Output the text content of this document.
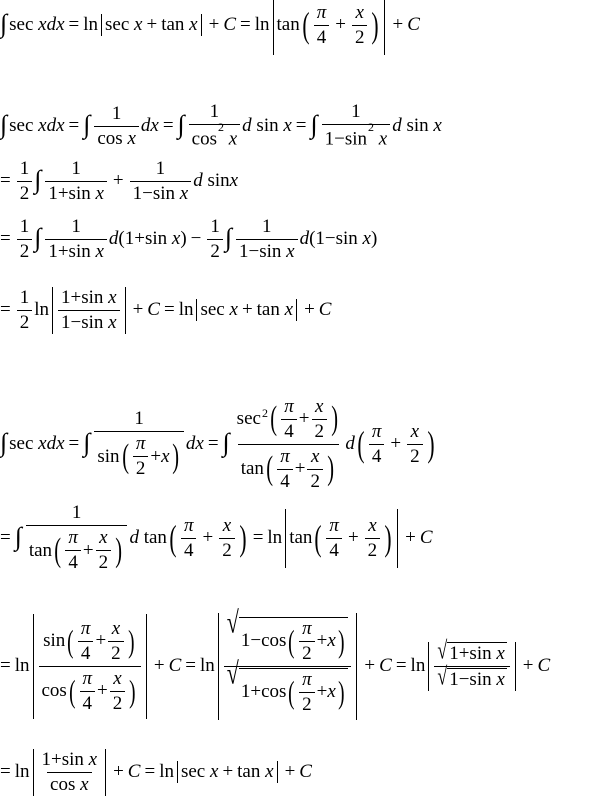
∫ sec
xdx = ln sec
x + tan
x + C = ln tan ( $\frac{\pi}{4} + \frac{x}{2}$ ) + C
∫ sec
xdx = ∫ $\frac{1}{\text{cos x}}$ dx = ∫ $\frac{1}{\cos^2 x}$ d
sin
x = ∫ $\frac{1}{1-\sin^2 x}$ d
sin
x
= $\frac{1}{2}$ ∫ $\frac{1}{\text{1+sin x}} + \frac{1}{\text{1−sin x}}$ d
sin x
= $\frac{1}{2}$ ∫ $\frac{1}{\text{1+sin x}}$ d (1+sin $x) - \frac{1}{2}$ ∫ $\frac{1}{\text{1−sin x}}$ d (1−sin x)
= $\frac{1}{2}$ $\ln \frac{\text{1+sin x}}{\text{1−sin x}} + C = \ln \sec$
x + tan
x + C
∫ sec
xdx = ∫ $\frac{1}{\sin ( \frac{\pi}{2} + x )}$ dx = ∫ $\frac{\sec 2 ( \frac{\pi}{4} + \frac{x}{2} )}{\tan ( \frac{\pi}{4} + \frac{x}{2} )}$ d ( $\frac{\pi}{4} + \frac{x}{2}$ )
= ∫ $\frac{1}{\tan ( \frac{\pi}{4} + \frac{x}{2} )}$ d
tan ( $\frac{\pi}{4} + \frac{x}{2}$ ) = ln tan ( $\frac{\pi}{4} + \frac{x}{2}$ ) + C
= $\ln \frac{\sin ( \frac{\pi}{4} + \frac{x}{2} )}{\cos ( \frac{\pi}{4} + \frac{x}{2} )} + C = \ln$ √
1−cos ( $\frac{\pi}{2} + x$ )
√
1+cos ( $\frac{\pi}{2} + x$ ) + $C = \ln \frac{\text{√ 1+sin x}}{\text{√ 1−sin x}} + C$
= $\ln \frac{\text{1+sin x}}{\text{cos x}} + C = \ln \sec$
x + tan
x + C
